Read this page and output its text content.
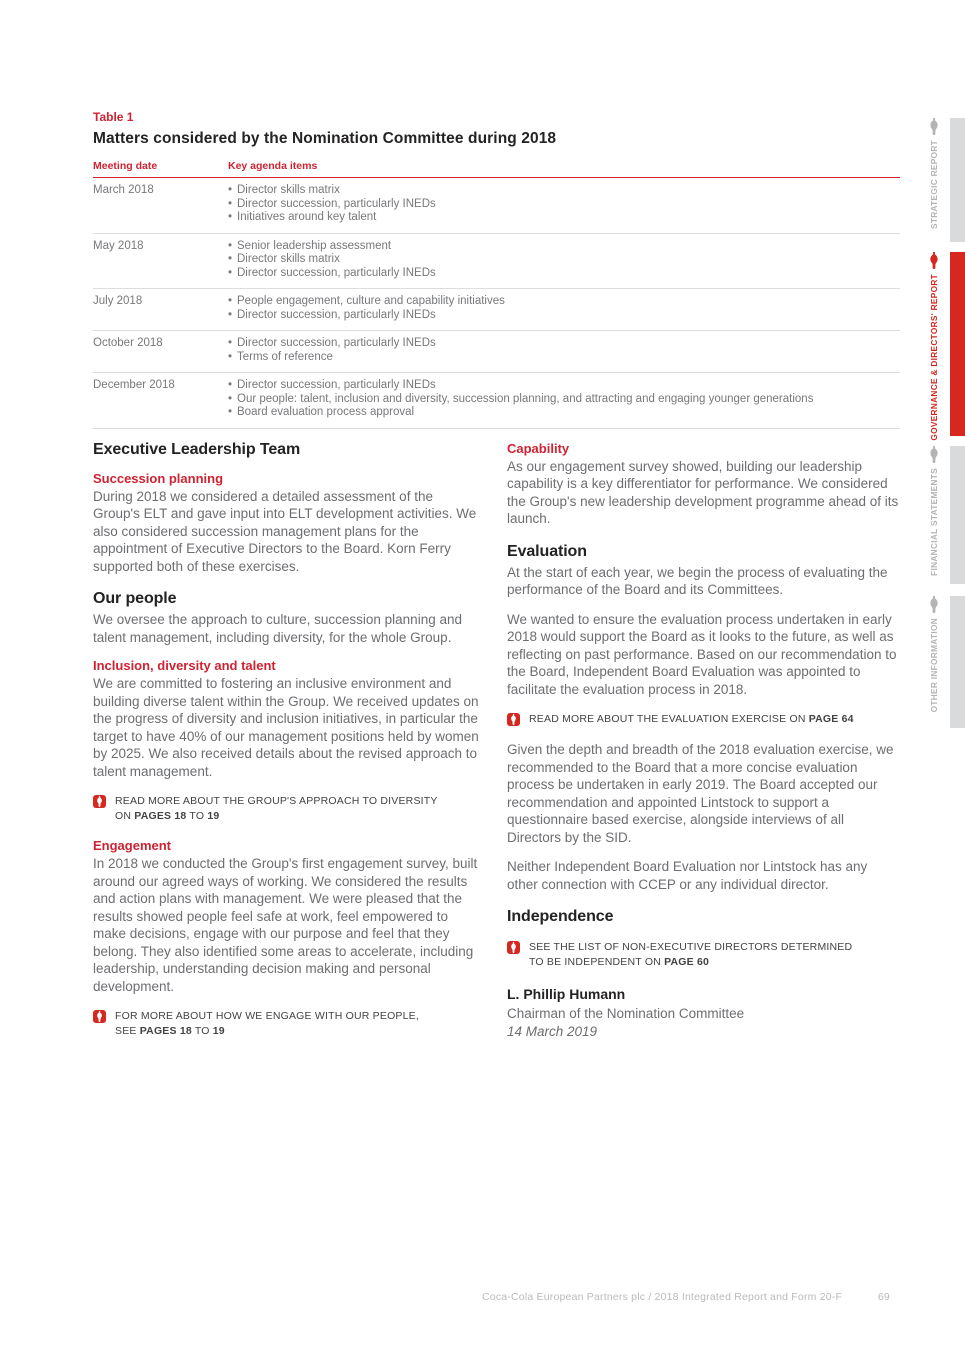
Table 1
Matters considered by the Nomination Committee during 2018
Meeting date	Key agenda items
March 2018	
•Director skills matrix
• Director succession, particularly INEDs
• Initiatives around key talent

May 2018	
•Senior leadership assessment
• Director skills matrix
• Director succession, particularly INEDs

July 2018	
•People engagement, culture and capability initiatives
• Director succession, particularly INEDs

October 2018	
•Director succession, particularly INEDs
• Terms of reference

December 2018	
•Director succession, particularly INEDs
• Our people: talent, inclusion and diversity, succession planning, and attracting and engaging younger generations
• Board evaluation process approval
Executive Leadership Team
Succession planning

During 2018 we considered a detailed assessment of the Group's ELT and gave input into ELT development activities. We also considered succession management plans for the appointment of Executive Directors to the Board. Korn Ferry supported both of these exercises.

Our people

We oversee the approach to culture, succession planning and talent management, including diversity, for the whole Group.

Inclusion, diversity and talent

We are committed to fostering an inclusive environment and building diverse talent within the Group. We received updates on the progress of diversity and inclusion initiatives, in particular the target to have 40% of our management positions held by women by 2025. We also received details about the revised approach to talent management.

READ MORE ABOUT THE GROUP'S APPROACH TO DIVERSITY
ON PAGES 18 TO 19
Engagement

In 2018 we conducted the Group's first engagement survey, built around our agreed ways of working. We considered the results and action plans with management. We were pleased that the results showed people feel safe at work, feel empowered to make decisions, engage with our purpose and feel that they belong. They also identified some areas to accelerate, including leadership, understanding decision making and personal development.

FOR MORE ABOUT HOW WE ENGAGE WITH OUR PEOPLE,
SEE PAGES 18 TO 19
Capability

As our engagement survey showed, building our leadership capability is a key differentiator for performance. We considered the Group's new leadership development programme ahead of its launch.

Evaluation

At the start of each year, we begin the process of evaluating the performance of the Board and its Committees.

We wanted to ensure the evaluation process undertaken in early 2018 would support the Board as it looks to the future, as well as reflecting on past performance. Based on our recommendation to the Board, Independent Board Evaluation was appointed to facilitate the evaluation process in 2018.

READ MORE ABOUT THE EVALUATION EXERCISE ON PAGE 64

Given the depth and breadth of the 2018 evaluation exercise, we recommended to the Board that a more concise evaluation process be undertaken in early 2019. The Board accepted our recommendation and appointed Lintstock to support a questionnaire based exercise, alongside interviews of all Directors by the SID.

Neither Independent Board Evaluation nor Lintstock has any other connection with CCEP or any individual director.

Independence
SEE THE LIST OF NON-EXECUTIVE DIRECTORS DETERMINED
TO BE INDEPENDENT ON PAGE 60

L. Phillip Humann

Chairman of the Nomination Committee

14 March 2019

STRATEGIC REPORT
GOVERNANCE & DIRECTORS' REPORT
FINANCIAL STATEMENTS
OTHER INFORMATION
Coca-Cola European Partners plc / 2018 Integrated Report and Form 20-F	69
